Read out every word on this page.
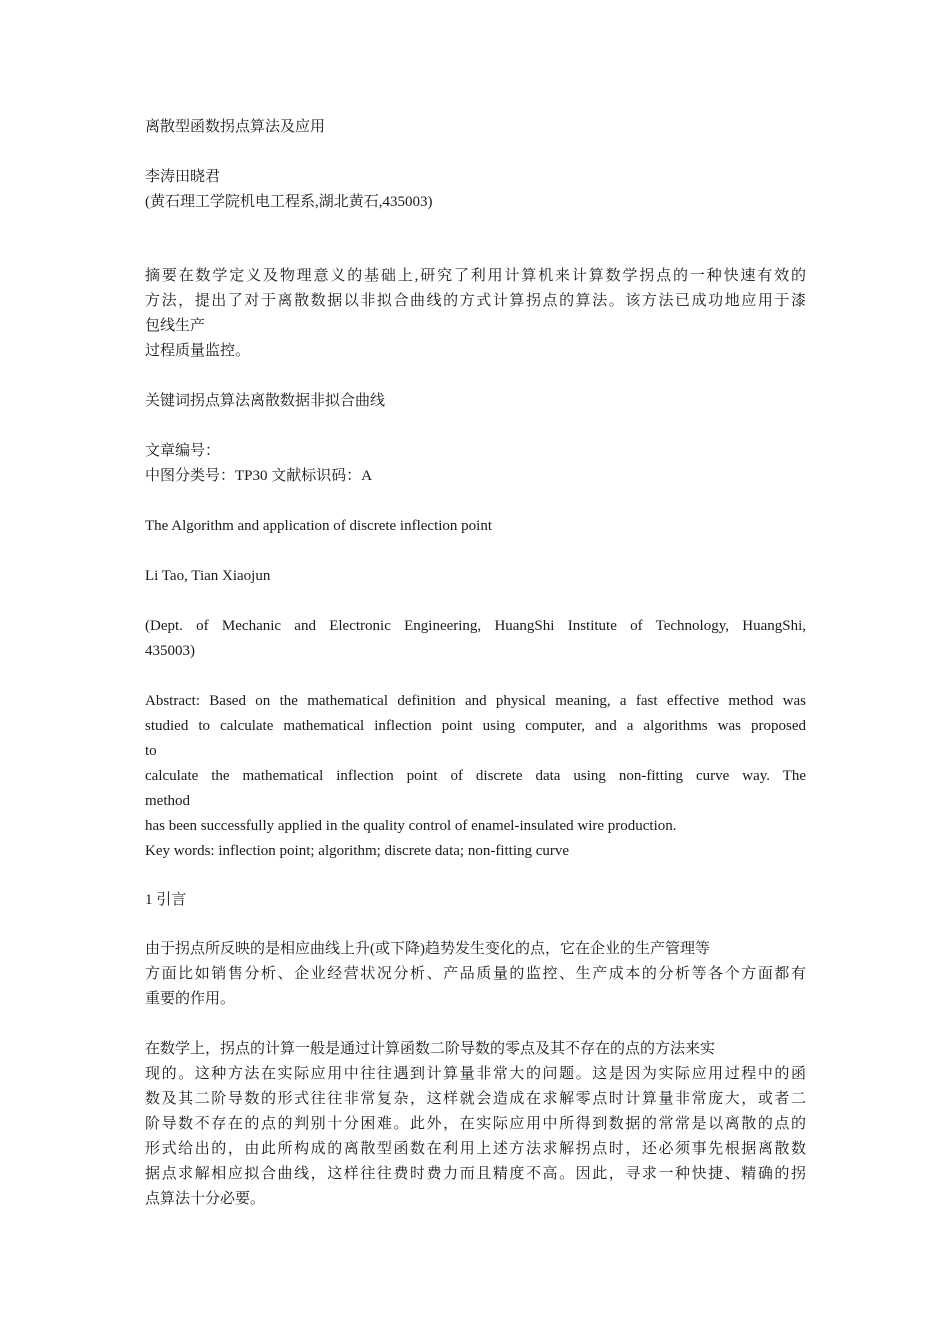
离散型函数拐点算法及应用
李涛田晓君
(黄石理工学院机电工程系,湖北黄石,435003)
摘要在数学定义及物理意义的基础上,研究了利用计算机来计算数学拐点的一种快速有效的
方法，提出了对于离散数据以非拟合曲线的方式计算拐点的算法。该方法已成功地应用于漆
包线生产
过程质量监控。
关键词拐点算法离散数据非拟合曲线
文章编号：
中图分类号：TP30 文献标识码：A
The Algorithm and application of discrete inflection point
Li Tao, Tian Xiaojun
(Dept. of Mechanic and Electronic Engineering, HuangShi Institute of Technology, HuangShi,
435003)
Abstract: Based on the mathematical definition and physical meaning, a fast effective method was
studied to calculate mathematical inflection point using computer, and a algorithms was proposed
to
calculate the mathematical inflection point of discrete data using non-fitting curve way. The
method
has been successfully applied in the quality control of enamel-insulated wire production.
Key words: inflection point; algorithm; discrete data; non-fitting curve
1 引言
由于拐点所反映的是相应曲线上升(或下降)趋势发生变化的点，它在企业的生产管理等
方面比如销售分析、企业经营状况分析、产品质量的监控、生产成本的分析等各个方面都有
重要的作用。
在数学上，拐点的计算一般是通过计算函数二阶导数的零点及其不存在的点的方法来实
现的。这种方法在实际应用中往往遇到计算量非常大的问题。这是因为实际应用过程中的函
数及其二阶导数的形式往往非常复杂，这样就会造成在求解零点时计算量非常庞大，或者二
阶导数不存在的点的判别十分困难。此外，在实际应用中所得到数据的常常是以离散的点的
形式给出的，由此所构成的离散型函数在利用上述方法求解拐点时，还必须事先根据离散数
据点求解相应拟合曲线，这样往往费时费力而且精度不高。因此，寻求一种快捷、精确的拐
点算法十分必要。
